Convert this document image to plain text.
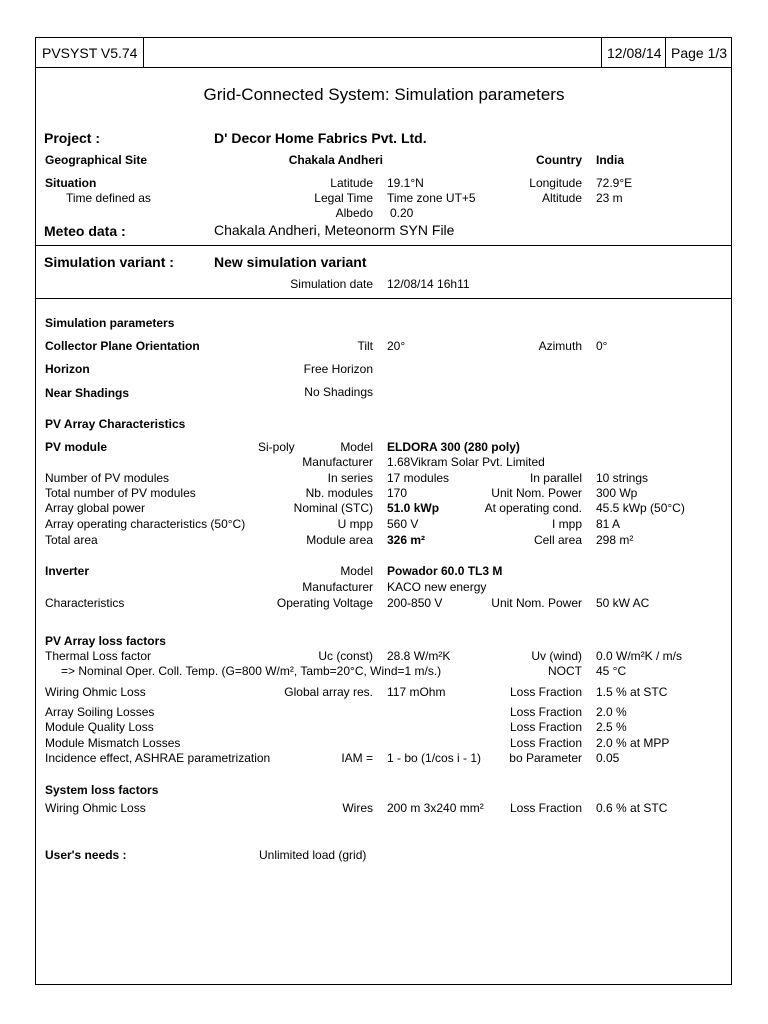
PVSYST V5.74	12/08/14 Page 1/3
Grid-Connected System: Simulation parameters
Project :	D' Decor Home Fabrics Pvt. Ltd.
Geographical Site	Chakala Andheri	Country India
Situation	Latitude 19.1°N	Longitude 72.9°E
Time defined as	Legal Time Time zone UT+5	Altitude 23 m
Albedo 0.20
Meteo data :	Chakala Andheri, Meteonorm SYN File
Simulation variant :	New simulation variant
Simulation date 12/08/14 16h11
Simulation parameters
Collector Plane Orientation	Tilt 20°	Azimuth 0°
Horizon	Free Horizon
Near Shadings	No Shadings
PV Array Characteristics
PV module	Si-poly	Model ELDORA 300 (280 poly)
Manufacturer 1.68Vikram Solar Pvt. Limited
Number of PV modules	In series 17 modules	In parallel 10 strings
Total number of PV modules	Nb. modules 170	Unit Nom. Power 300 Wp
Array global power	Nominal (STC) 51.0 kWp	At operating cond. 45.5 kWp (50°C)
Array operating characteristics (50°C)	U mpp 560 V	I mpp 81 A
Total area	Module area 326 m²	Cell area 298 m²
Inverter	Model Powador 60.0 TL3 M
Manufacturer KACO new energy
Characteristics	Operating Voltage 200-850 V	Unit Nom. Power 50 kW AC
PV Array loss factors
Thermal Loss factor	Uc (const) 28.8 W/m²K	Uv (wind) 0.0 W/m²K / m/s
=> Nominal Oper. Coll. Temp. (G=800 W/m², Tamb=20°C, Wind=1 m/s.)	NOCT 45 °C
Wiring Ohmic Loss	Global array res. 117 mOhm	Loss Fraction 1.5 % at STC
Array Soiling Losses	Loss Fraction 2.0 %
Module Quality Loss	Loss Fraction 2.5 %
Module Mismatch Losses	Loss Fraction 2.0 % at MPP
Incidence effect, ASHRAE parametrization	IAM = 1 - bo (1/cos i - 1) bo Parameter 0.05
System loss factors
Wiring Ohmic Loss	Wires 200 m 3x240 mm² Loss Fraction 0.6 % at STC
User's needs :	Unlimited load (grid)
